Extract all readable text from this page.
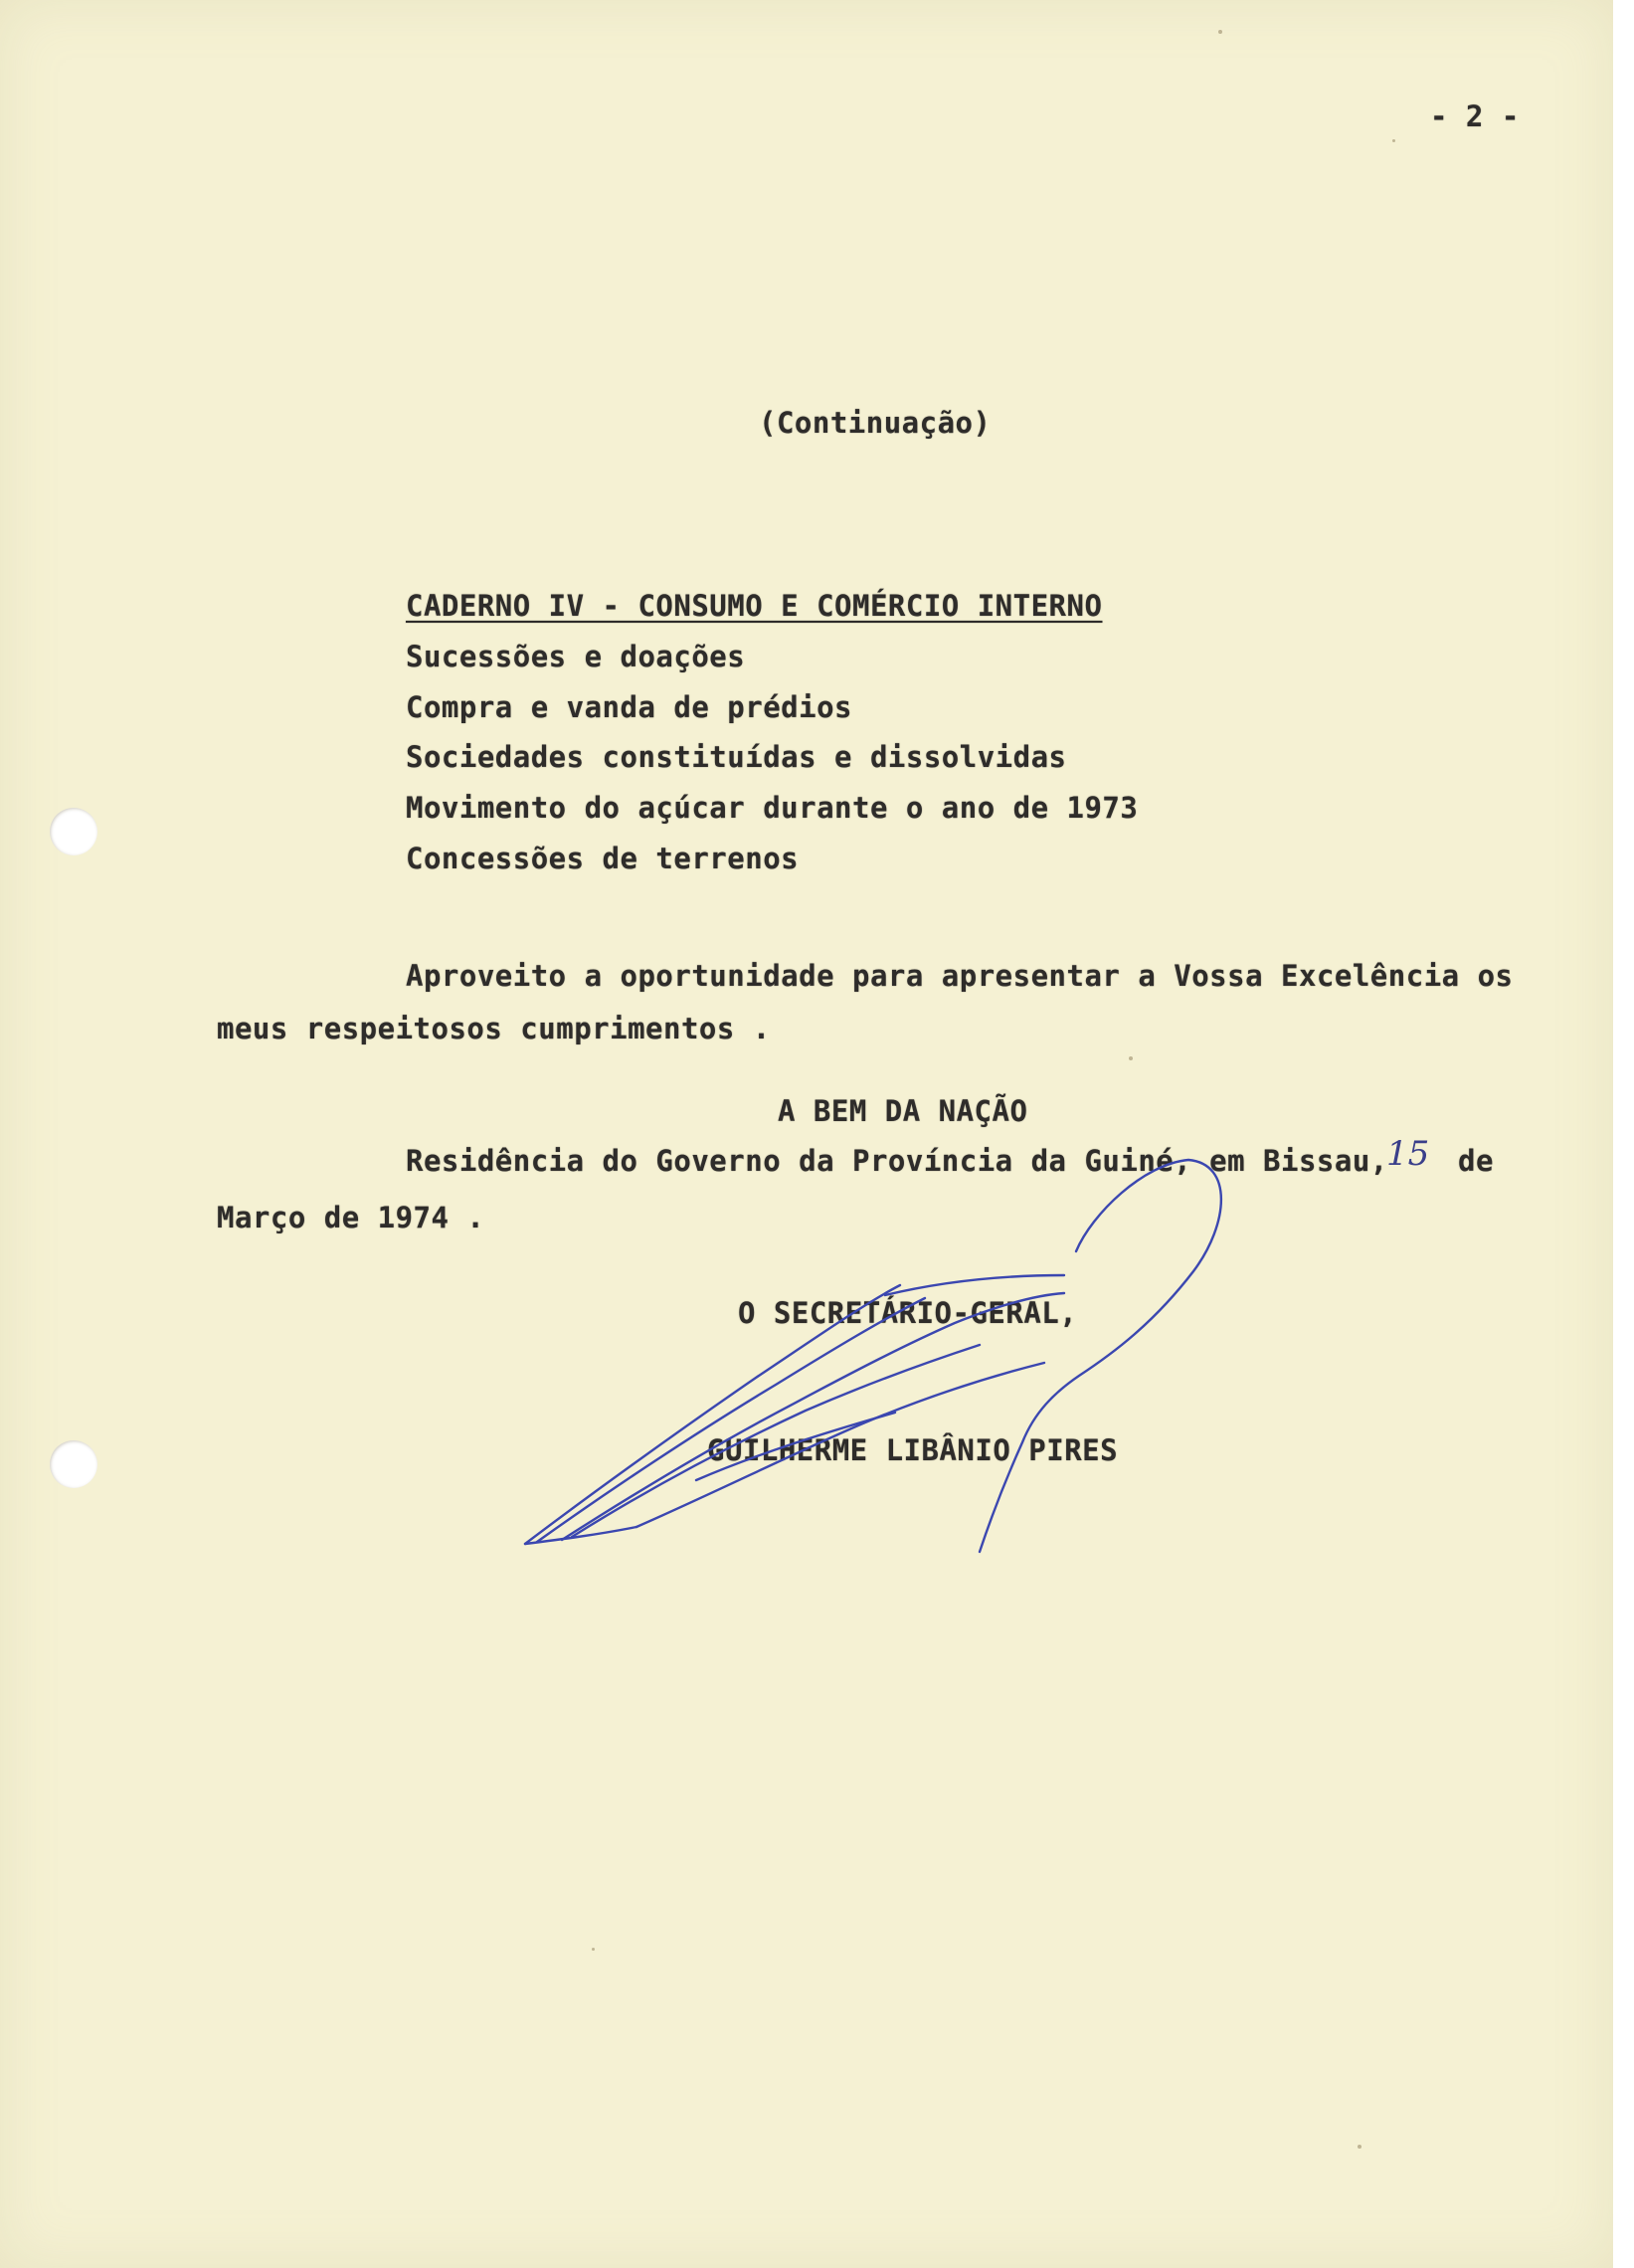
- 2 -

(Continuação)

CADERNO IV - CONSUMO E COMÉRCIO INTERNO

Sucessões e doações

Compra e vanda de prédios

Sociedades constituídas e dissolvidas

Movimento do açúcar durante o ano de 1973

Concessões de terrenos

Aproveito a oportunidade para apresentar a Vossa Excelência os

meus respeitosos cumprimentos .

A BEM DA NAÇÃO

Residência do Governo da Província da Guiné, em Bissau,

15 de

Março de 1974 .

O SECRETÁRIO-GERAL,

GUILHERME LIBÂNIO PIRES
